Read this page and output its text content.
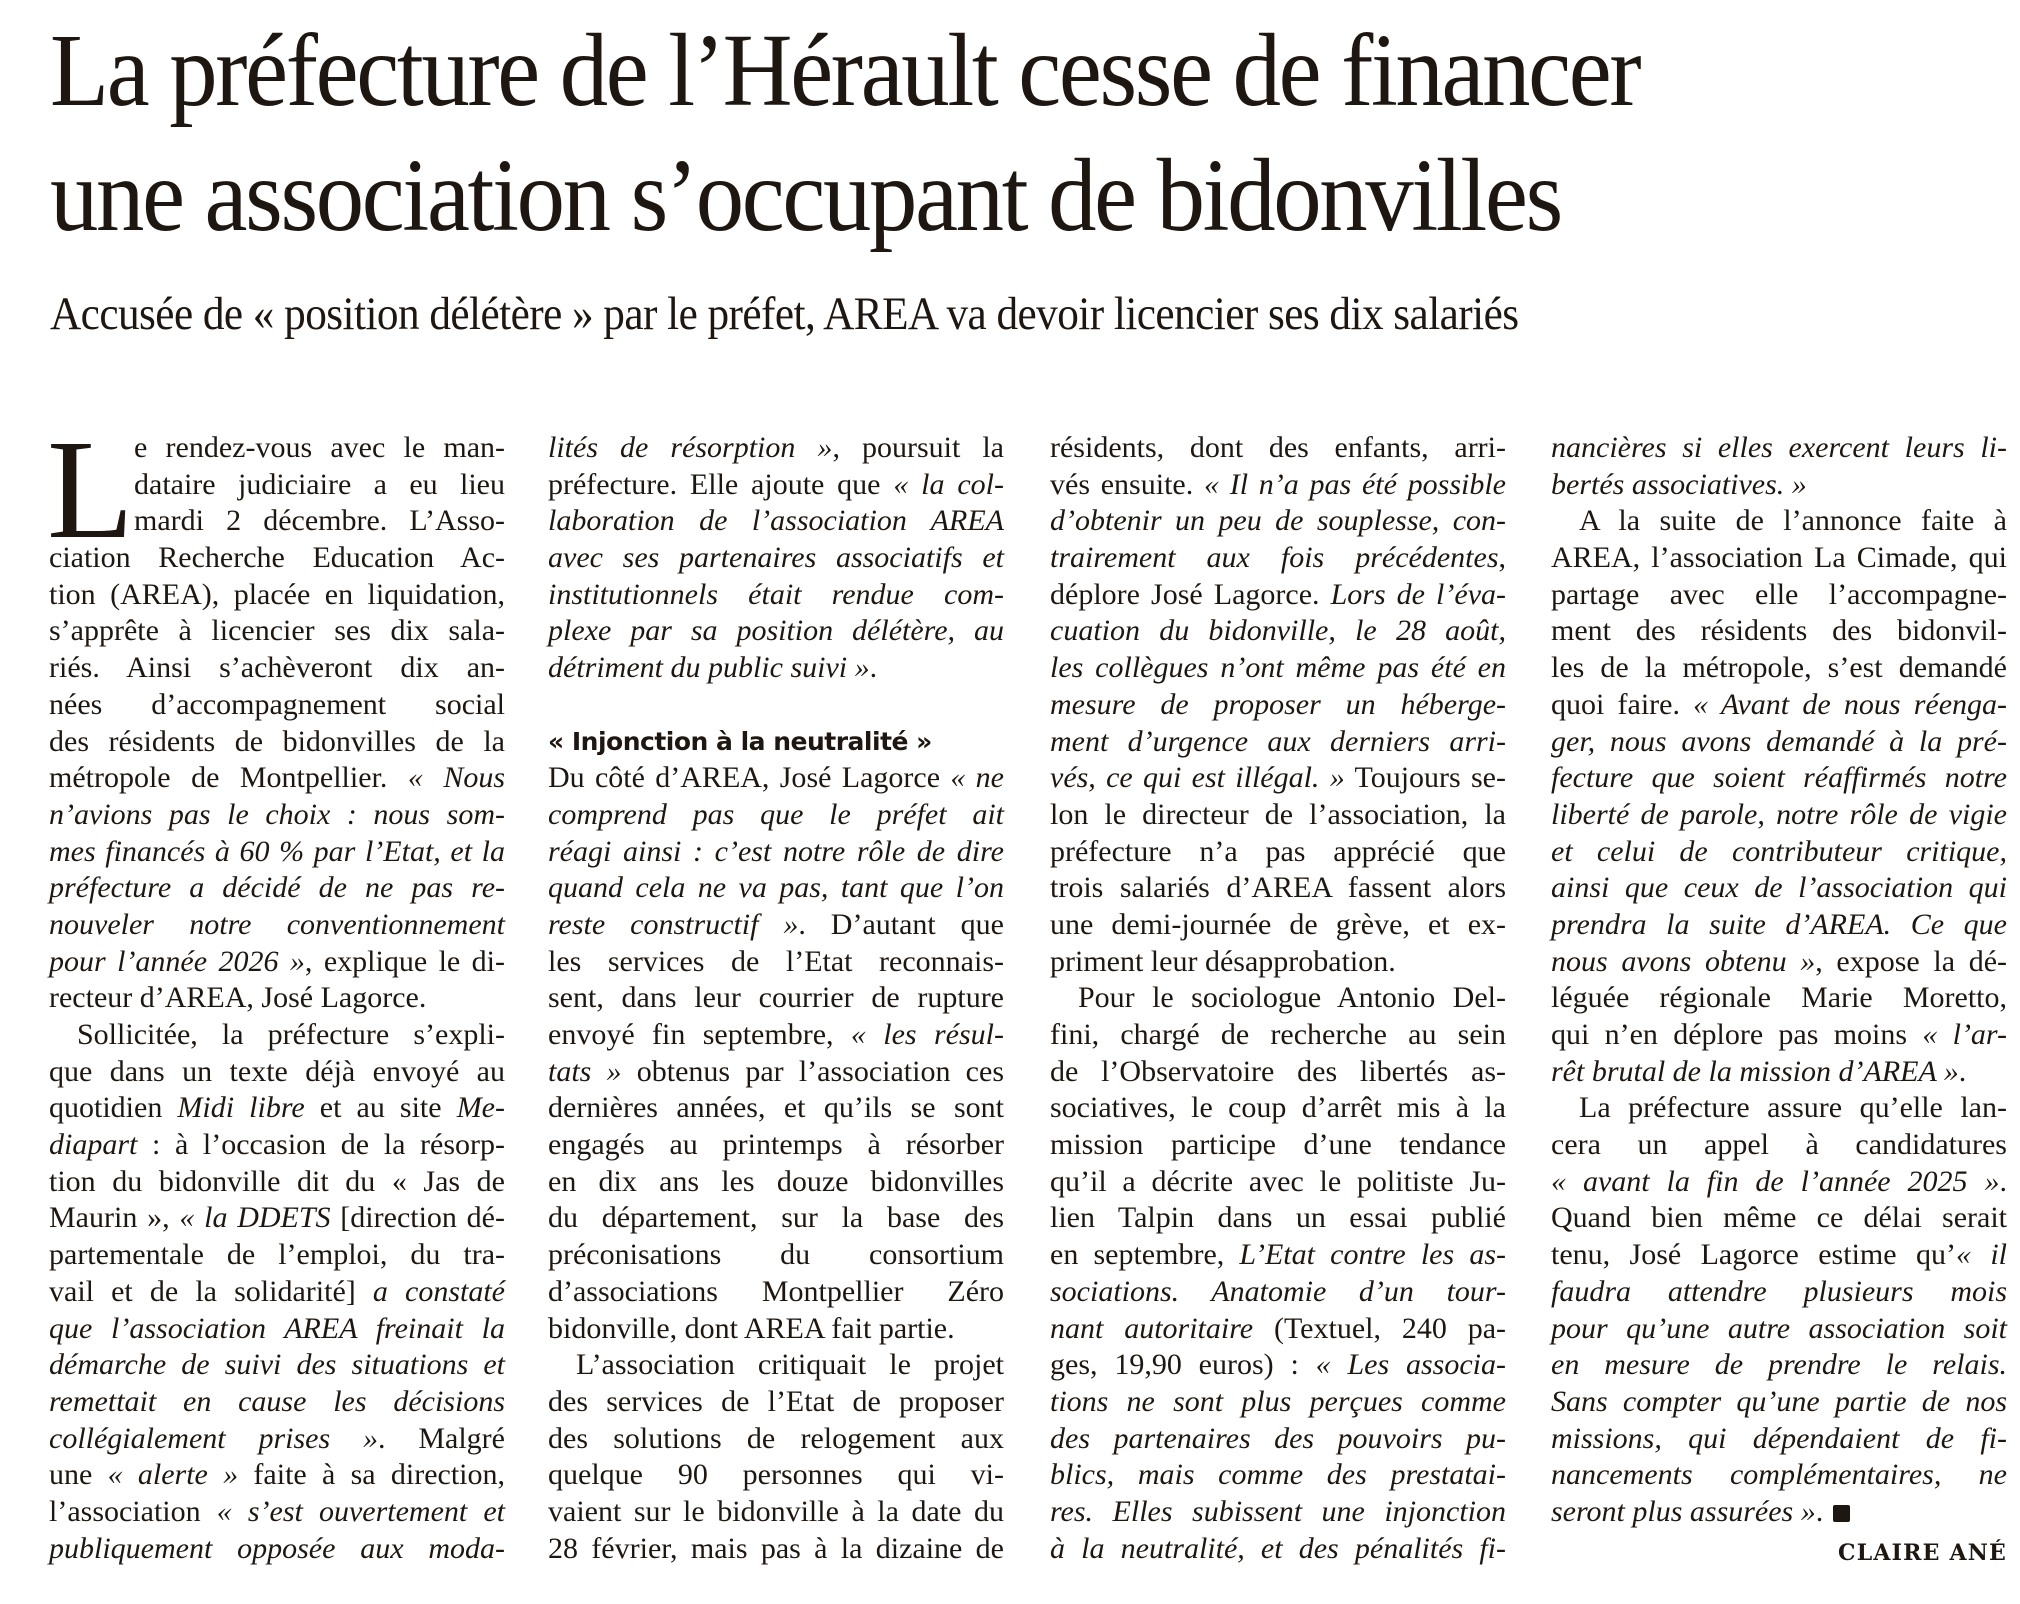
La préfecture de l’Hérault cesse de financer
une association s’occupant de bidonvilles
Accusée de « position délétère » par le préfet, AREA va devoir licencier ses dix salariés
L e rendez-vous avec le man-
dataire judiciaire a eu lieu
mardi 2 décembre. L’Asso-
ciation Recherche Education Ac-
tion (AREA), placée en liquidation,
s’apprête à licencier ses dix sala-
riés. Ainsi s’achèveront dix an-
nées d’accompagnement social
des résidents de bidonvilles de la
métropole de Montpellier. « Nous
n’avions pas le choix : nous som-
mes financés à 60 % par l’Etat, et la
préfecture a décidé de ne pas re-
nouveler notre conventionnement
pour l’année 2026 », explique le di-
recteur d’AREA, José Lagorce.
Sollicitée, la préfecture s’expli-
que dans un texte déjà envoyé au
quotidien Midi libre et au site Me-
diapart : à l’occasion de la résorp-
tion du bidonville dit du « Jas de
Maurin », « la DDETS [direction dé-
partementale de l’emploi, du tra-
vail et de la solidarité] a constaté
que l’association AREA freinait la
démarche de suivi des situations et
remettait en cause les décisions
collégialement prises ». Malgré
une « alerte » faite à sa direction,
l’association « s’est ouvertement et
publiquement opposée aux moda-
lités de résorption », poursuit la
préfecture. Elle ajoute que « la col-
laboration de l’association AREA
avec ses partenaires associatifs et
institutionnels était rendue com-
plexe par sa position délétère, au
détriment du public suivi ».
« Injonction à la neutralité »
Du côté d’AREA, José Lagorce « ne
comprend pas que le préfet ait
réagi ainsi : c’est notre rôle de dire
quand cela ne va pas, tant que l’on
reste constructif ». D’autant que
les services de l’Etat reconnais-
sent, dans leur courrier de rupture
envoyé fin septembre, « les résul-
tats » obtenus par l’association ces
dernières années, et qu’ils se sont
engagés au printemps à résorber
en dix ans les douze bidonvilles
du département, sur la base des
préconisations du consortium
d’associations Montpellier Zéro
bidonville, dont AREA fait partie.
L’association critiquait le projet
des services de l’Etat de proposer
des solutions de relogement aux
quelque 90 personnes qui vi-
vaient sur le bidonville à la date du
28 février, mais pas à la dizaine de
résidents, dont des enfants, arri-
vés ensuite. « Il n’a pas été possible
d’obtenir un peu de souplesse, con-
trairement aux fois précédentes,
déplore José Lagorce. Lors de l’éva-
cuation du bidonville, le 28 août,
les collègues n’ont même pas été en
mesure de proposer un héberge-
ment d’urgence aux derniers arri-
vés, ce qui est illégal. » Toujours se-
lon le directeur de l’association, la
préfecture n’a pas apprécié que
trois salariés d’AREA fassent alors
une demi-journée de grève, et ex-
priment leur désapprobation.
Pour le sociologue Antonio Del-
fini, chargé de recherche au sein
de l’Observatoire des libertés as-
sociatives, le coup d’arrêt mis à la
mission participe d’une tendance
qu’il a décrite avec le politiste Ju-
lien Talpin dans un essai publié
en septembre, L’Etat contre les as-
sociations. Anatomie d’un tour-
nant autoritaire (Textuel, 240 pa-
ges, 19,90 euros) : « Les associa-
tions ne sont plus perçues comme
des partenaires des pouvoirs pu-
blics, mais comme des prestatai-
res. Elles subissent une injonction
à la neutralité, et des pénalités fi-
nancières si elles exercent leurs li-
bertés associatives. »
A la suite de l’annonce faite à
AREA, l’association La Cimade, qui
partage avec elle l’accompagne-
ment des résidents des bidonvil-
les de la métropole, s’est demandé
quoi faire. « Avant de nous réenga-
ger, nous avons demandé à la pré-
fecture que soient réaffirmés notre
liberté de parole, notre rôle de vigie
et celui de contributeur critique,
ainsi que ceux de l’association qui
prendra la suite d’AREA. Ce que
nous avons obtenu », expose la dé-
léguée régionale Marie Moretto,
qui n’en déplore pas moins « l’ar-
rêt brutal de la mission d’AREA ».
La préfecture assure qu’elle lan-
cera un appel à candidatures
« avant la fin de l’année 2025 ».
Quand bien même ce délai serait
tenu, José Lagorce estime qu’« il
faudra attendre plusieurs mois
pour qu’une autre association soit
en mesure de prendre le relais.
Sans compter qu’une partie de nos
missions, qui dépendaient de fi-
nancements complémentaires, ne
seront plus assurées ».
CLAIRE ANÉ
